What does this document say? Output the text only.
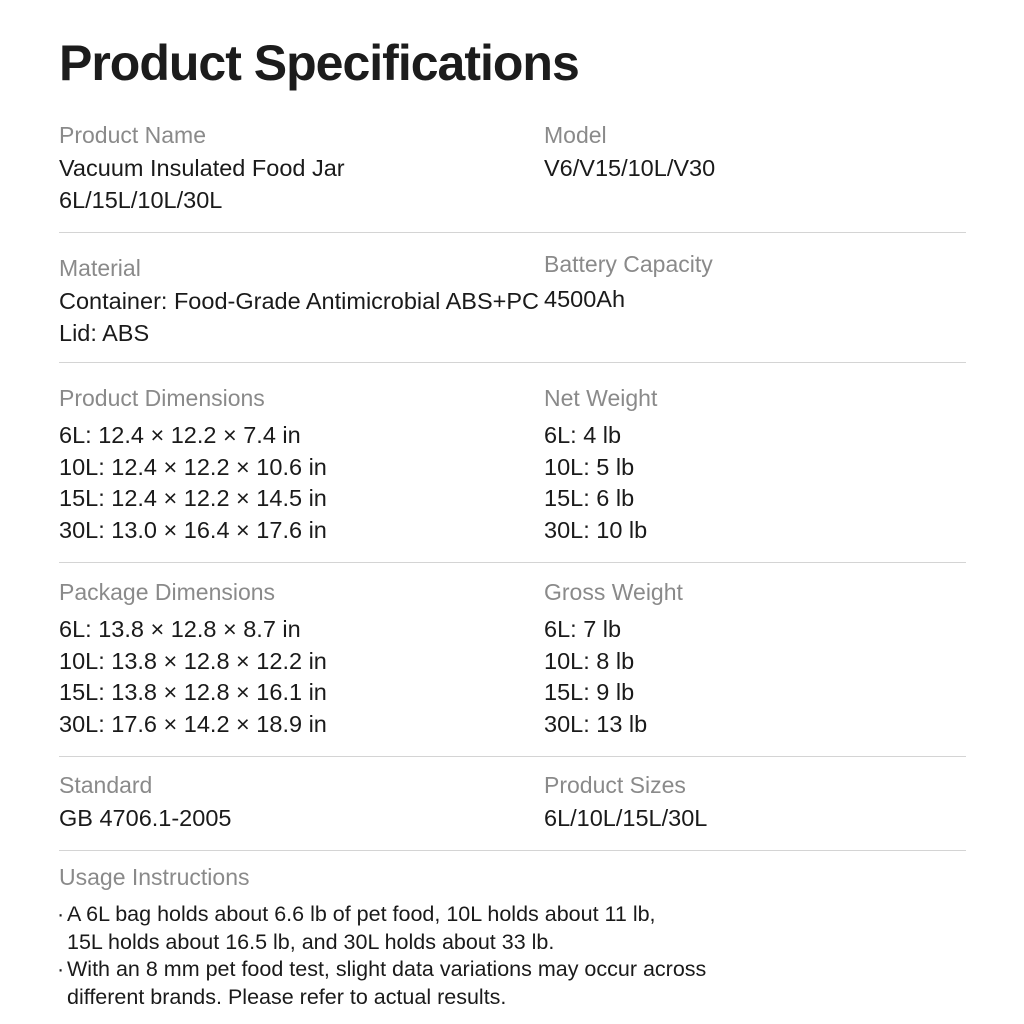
Product Specifications
Product Name
Vacuum Insulated Food Jar
6L/15L/10L/30L
Model
V6/V15/10L/V30
Material
Container: Food-Grade Antimicrobial ABS+PC
Lid: ABS
Battery Capacity
4500Ah
Product Dimensions
6L: 12.4 × 12.2 × 7.4 in
10L: 12.4 × 12.2 × 10.6 in
15L: 12.4 × 12.2 × 14.5 in
30L: 13.0 × 16.4 × 17.6 in
Net Weight
6L: 4 lb
10L: 5 lb
15L: 6 lb
30L: 10 lb
Package Dimensions
6L: 13.8 × 12.8 × 8.7 in
10L: 13.8 × 12.8 × 12.2 in
15L: 13.8 × 12.8 × 16.1 in
30L: 17.6 × 14.2 × 18.9 in
Gross Weight
6L: 7 lb
10L: 8 lb
15L: 9 lb
30L: 13 lb
Standard
GB 4706.1-2005
Product Sizes
6L/10L/15L/30L
Usage Instructions
· A 6L bag holds about 6.6 lb of pet food, 10L holds about 11 lb,
15L holds about 16.5 lb, and 30L holds about 33 lb.
· With an 8 mm pet food test, slight data variations may occur across
different brands. Please refer to actual results.
